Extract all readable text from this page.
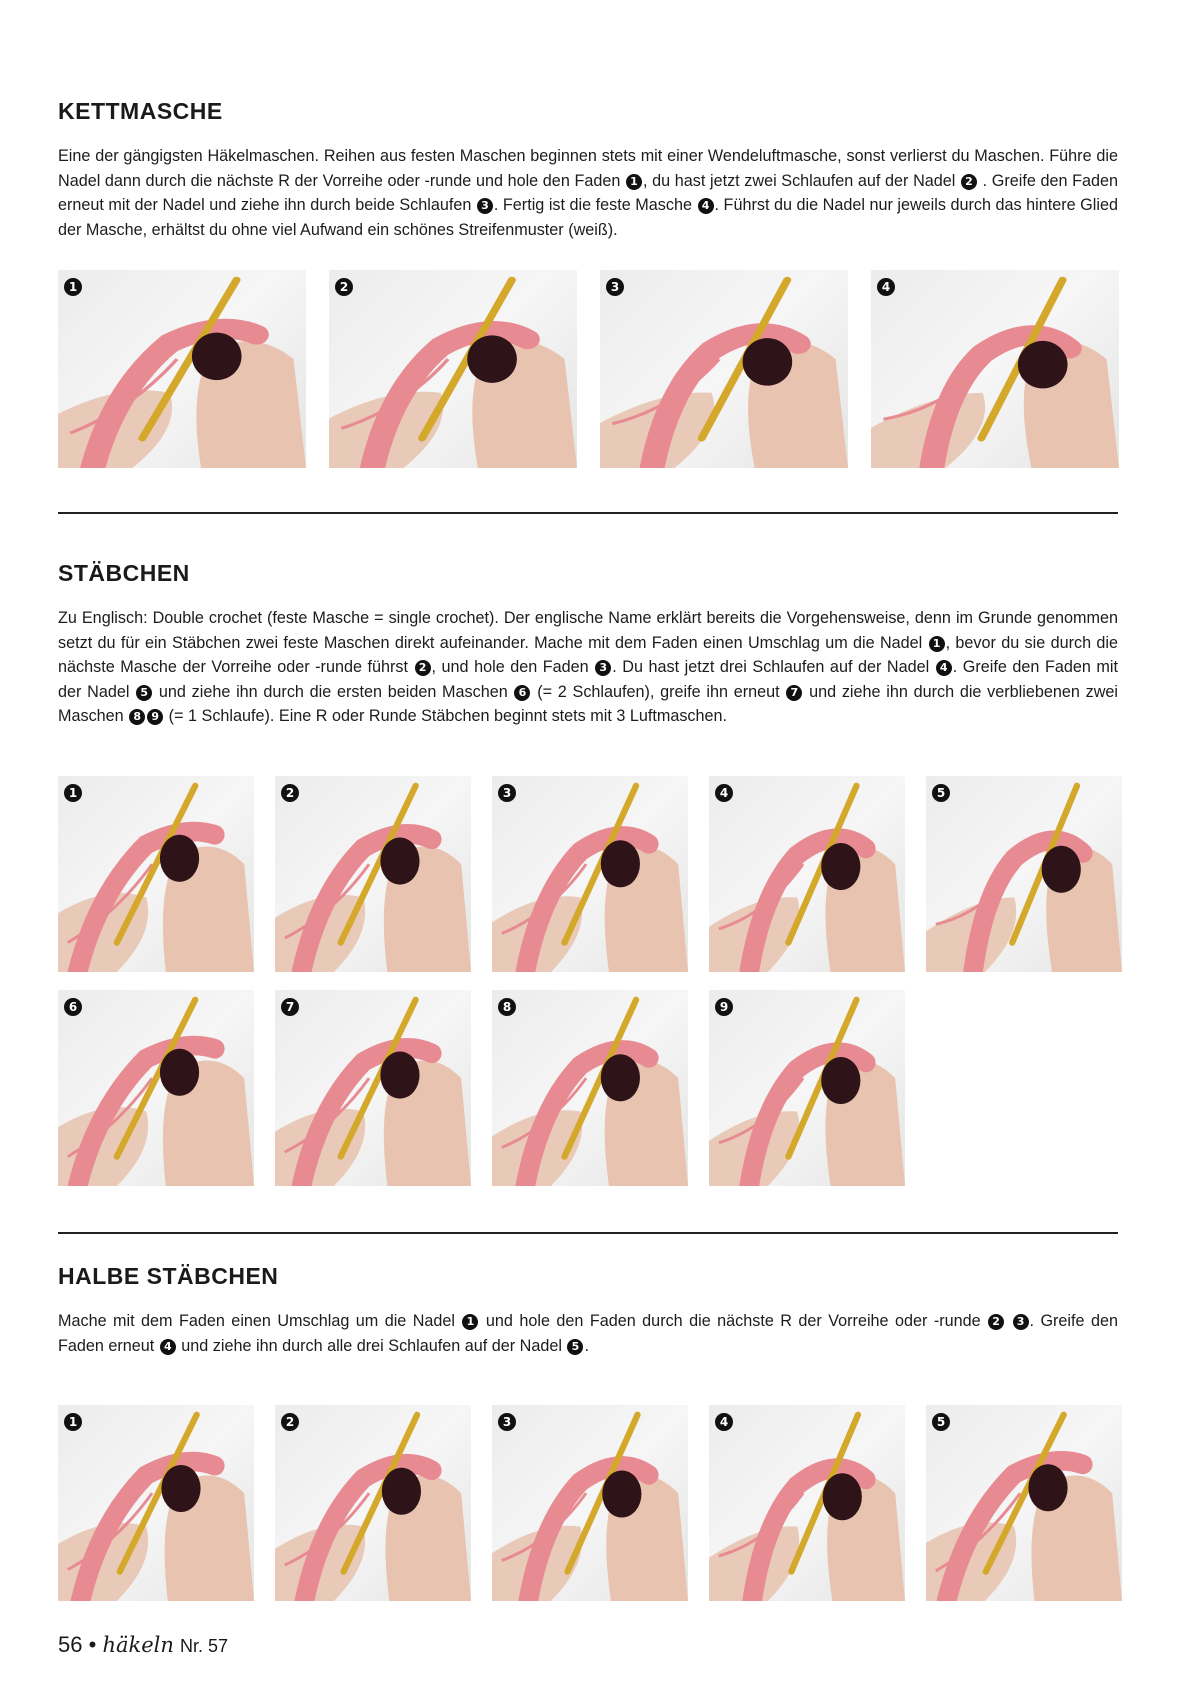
KETTMASCHE

Eine der gängigsten Häkelmaschen. Reihen aus festen Maschen beginnen stets mit einer Wendeluftmasche, sonst verlierst du Maschen. Führe die Nadel dann durch die nächste R der Vorreihe oder -runde und hole den Faden 1 , du hast jetzt zwei Schlaufen auf der Nadel 2 . Greife den Faden erneut mit der Nadel und ziehe ihn durch beide Schlaufen 3 . Fertig ist die feste Masche 4 . Führst du die Nadel nur jeweils durch das hintere Glied der Masche, erhältst du ohne viel Aufwand ein schönes Streifenmuster (weiß).

1	2	3	4
STÄBCHEN

Zu Englisch: Double crochet (feste Masche = single crochet). Der englische Name erklärt bereits die Vorgehensweise, denn im Grunde genommen setzt du für ein Stäbchen zwei feste Maschen direkt aufeinander. Mache mit dem Faden einen Umschlag um die Nadel 1 , bevor du sie durch die nächste Masche der Vorreihe oder -runde führst 2 , und hole den Faden 3 . Du hast jetzt drei Schlaufen auf der Nadel 4 . Greife den Faden mit der Nadel 5 und ziehe ihn durch die ersten beiden Maschen 6 (= 2 Schlaufen), greife ihn erneut 7 und ziehe ihn durch die verbliebenen zwei Maschen 8 9 (= 1 Schlaufe). Eine R oder Runde Stäbchen beginnt stets mit 3 Luftmaschen.

1	2	3	4	5
6	7	8	9
HALBE STÄBCHEN

Mache mit dem Faden einen Umschlag um die Nadel 1 und hole den Faden durch die nächste R der Vorreihe oder -runde 2 3 . Greife den Faden erneut 4 und ziehe ihn durch alle drei Schlaufen auf der Nadel 5 .

1	2	3	4	5
56 • häkeln Nr. 57
